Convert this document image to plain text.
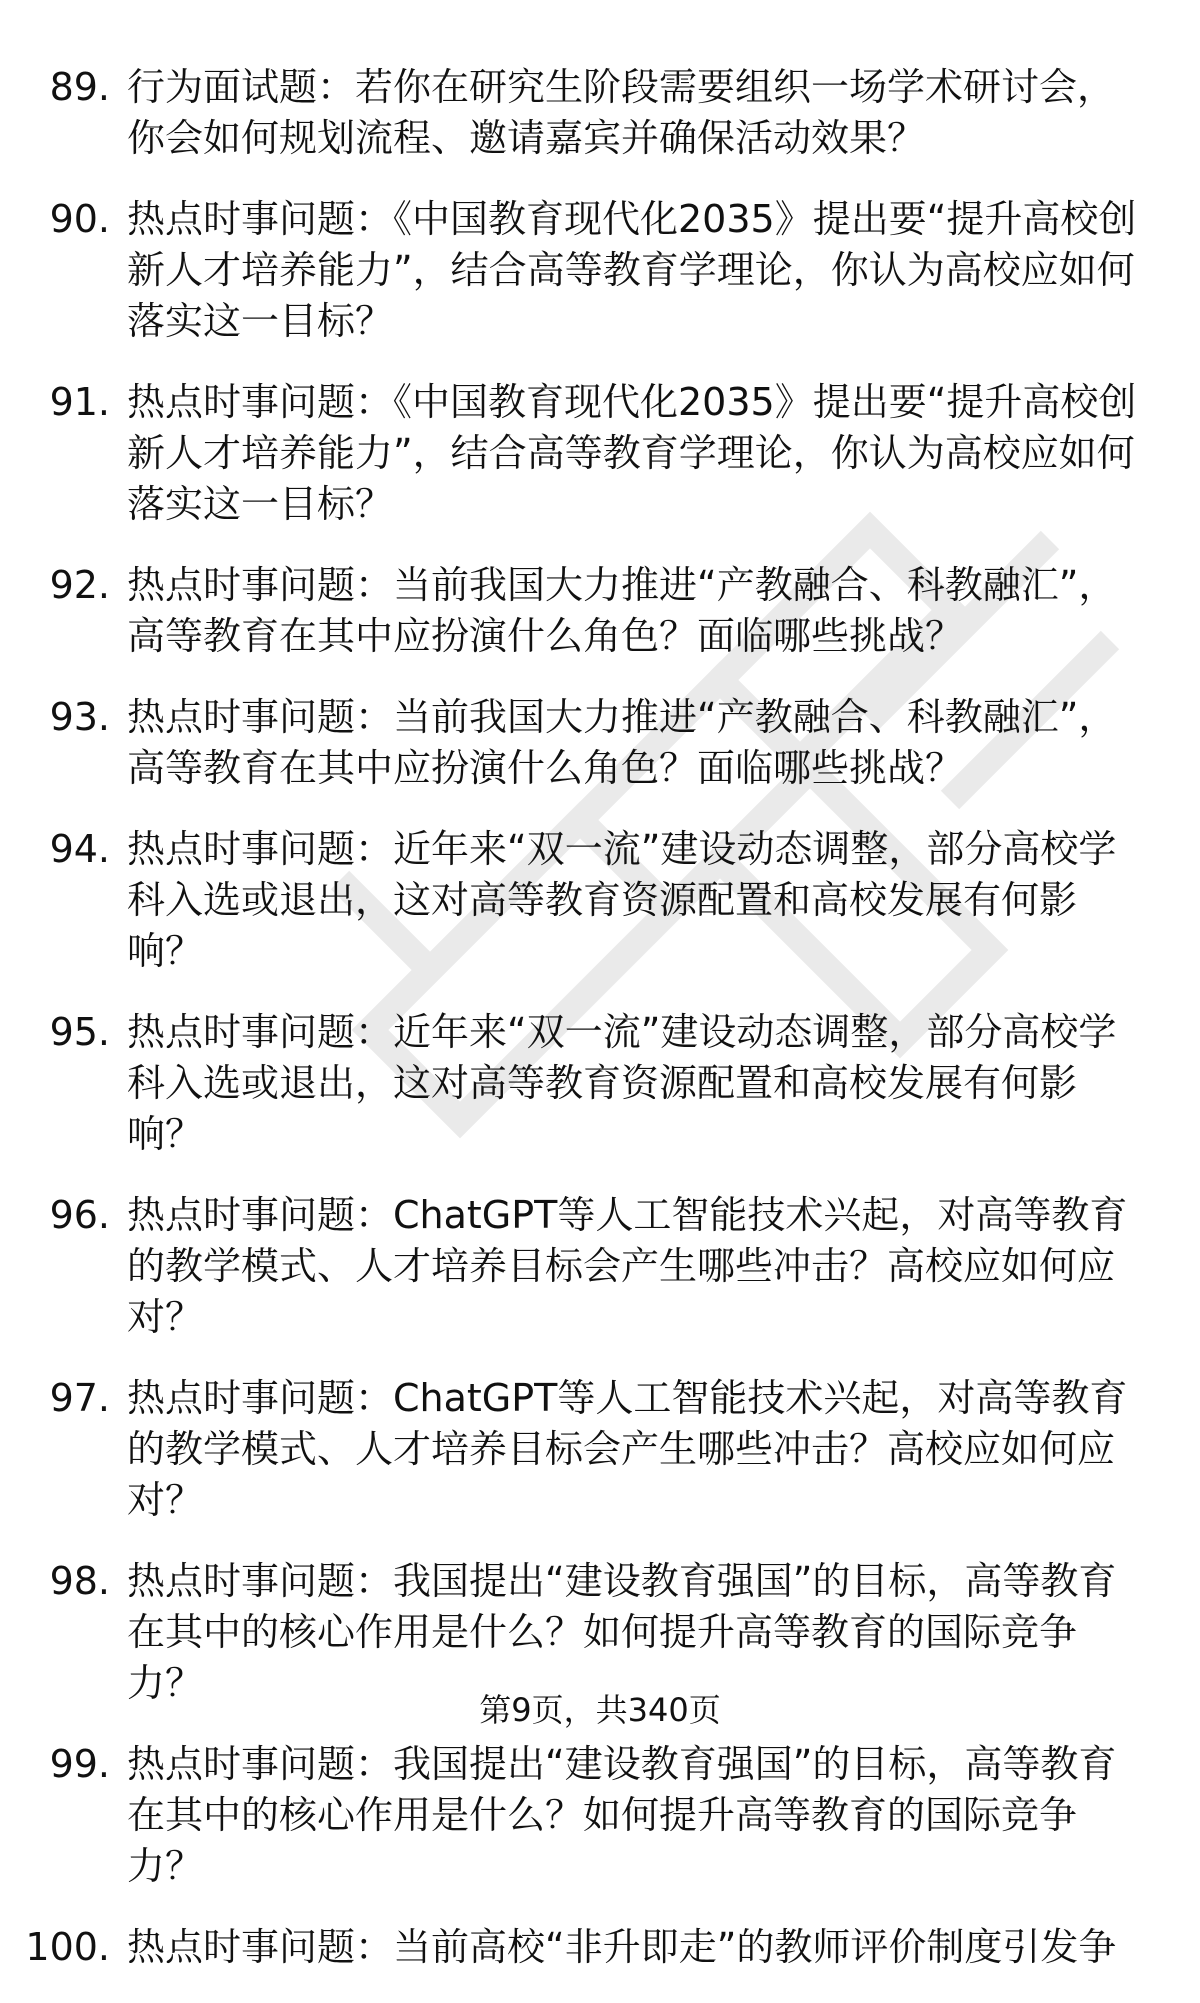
89. 行为面试题：若你在研究生阶段需要组织一场学术研讨会，你会如何规划流程、邀请嘉宾并确保活动效果？
90. 热点时事问题：《中国教育现代化2035》提出要“提升高校创新人才培养能力”，结合高等教育学理论，你认为高校应如何落实这一目标？
91. 热点时事问题：《中国教育现代化2035》提出要“提升高校创新人才培养能力”，结合高等教育学理论，你认为高校应如何落实这一目标？
92. 热点时事问题：当前我国大力推进“产教融合、科教融汇”，高等教育在其中应扮演什么角色？面临哪些挑战？
93. 热点时事问题：当前我国大力推进“产教融合、科教融汇”，高等教育在其中应扮演什么角色？面临哪些挑战？
94. 热点时事问题：近年来“双一流”建设动态调整，部分高校学科入选或退出，这对高等教育资源配置和高校发展有何影响？
95. 热点时事问题：近年来“双一流”建设动态调整，部分高校学科入选或退出，这对高等教育资源配置和高校发展有何影响？
96. 热点时事问题：ChatGPT等人工智能技术兴起，对高等教育的教学模式、人才培养目标会产生哪些冲击？高校应如何应对？
97. 热点时事问题：ChatGPT等人工智能技术兴起，对高等教育的教学模式、人才培养目标会产生哪些冲击？高校应如何应对？
98. 热点时事问题：我国提出“建设教育强国”的目标，高等教育在其中的核心作用是什么？如何提升高等教育的国际竞争力？
99. 热点时事问题：我国提出“建设教育强国”的目标，高等教育在其中的核心作用是什么？如何提升高等教育的国际竞争力？
100. 热点时事问题：当前高校“非升即走”的教师评价制度引发争
第9页，共340页
